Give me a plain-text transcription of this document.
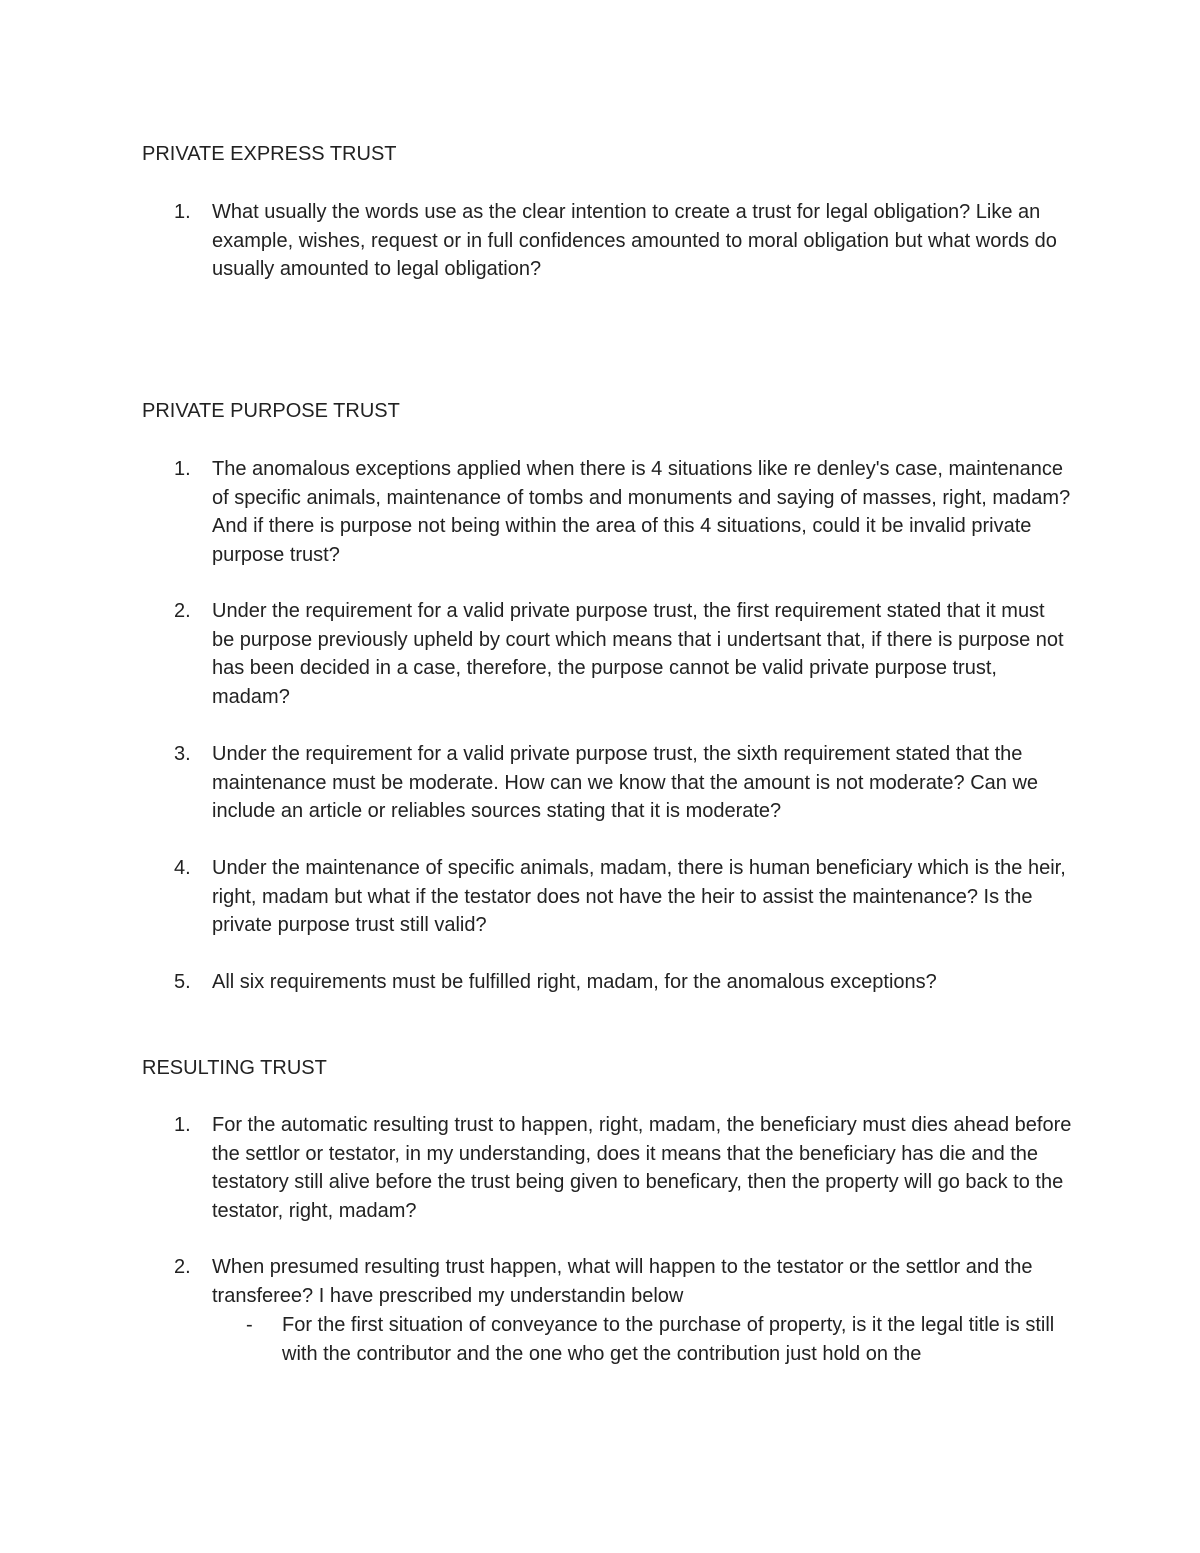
PRIVATE EXPRESS TRUST
1.	What usually the words use as the clear intention to create a trust for legal obligation? Like an example, wishes, request or in full confidences amounted to moral obligation but what words do usually amounted to legal obligation?
PRIVATE PURPOSE TRUST
1.	The anomalous exceptions applied when there is 4 situations like re denley's case, maintenance of specific animals, maintenance of tombs and monuments and saying of masses, right, madam? And if there is purpose not being within the area of this 4 situations, could it be invalid private purpose trust?
2.	Under the requirement for a valid private purpose trust, the first requirement stated that it must be purpose previously upheld by court which means that i undertsant that, if there is purpose not has been decided in a case, therefore, the purpose cannot be valid private purpose trust, madam?
3.	Under the requirement for a valid private purpose trust, the sixth requirement stated that the maintenance must be moderate. How can we know that the amount is not moderate? Can we include an article or reliables sources stating that it is moderate?
4.	Under the maintenance of specific animals, madam, there is human beneficiary which is the heir, right, madam but what if the testator does not have the heir to assist the maintenance? Is the private purpose trust still valid?
5.	All six requirements must be fulfilled right, madam, for the anomalous exceptions?
RESULTING TRUST
1.	For the automatic resulting trust to happen, right, madam, the beneficiary must dies ahead before the settlor or testator, in my understanding, does it means that the beneficiary has die and the testatory still alive before the trust being given to beneficary, then the property will go back to the testator, right, madam?
2.	When presumed resulting trust happen, what will happen to the testator or the settlor and the transferee? I have prescribed my understandin below
- For the first situation of conveyance to the purchase of property, is it the legal title is still with the contributor and the one who get the contribution just hold on the
